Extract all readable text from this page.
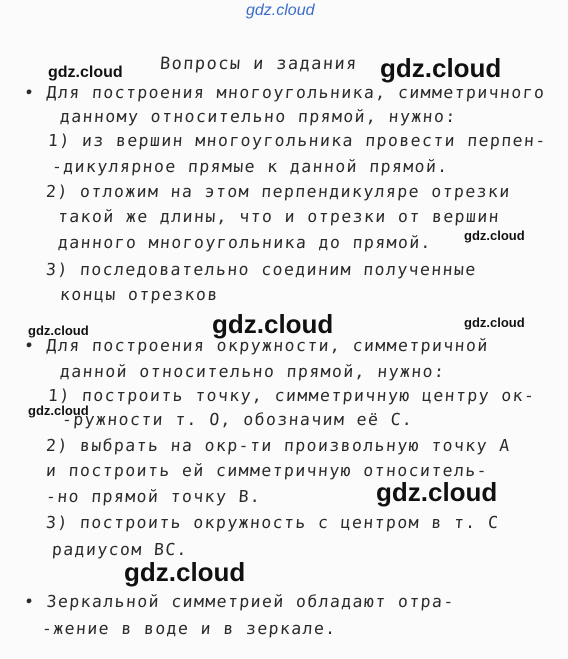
gdz.cloud
Вопросы и задания
• Для построения многоугольника, симметричного
данному относительно прямой, нужно:
1) из вершин многоугольника провести перпен-
-дикулярное прямые к данной прямой.
2) отложим на этом перпендикуляре отрезки
такой же длины, что и отрезки от вершин
данного многоугольника до прямой.
3) последовательно соединим полученные
концы отрезков
• Для построения окружности, симметричной
данной относительно прямой, нужно:
1) построить точку, симметричную центру ок-
-ружности т. О, обозначим её С.
2) выбрать на окр-ти произвольную точку А
и построить ей симметричную относитель-
-но прямой точку В.
3) построить окружность с центром в т. С
радиусом ВС.
• Зеркальной симметрией обладают отра-
-жение в воде и в зеркале.
gdz.cloud	gdz.cloud
gdz.cloud
gdz.cloud	gdz.cloud	gdz.cloud
gdz.cloud
gdz.cloud
gdz.cloud
